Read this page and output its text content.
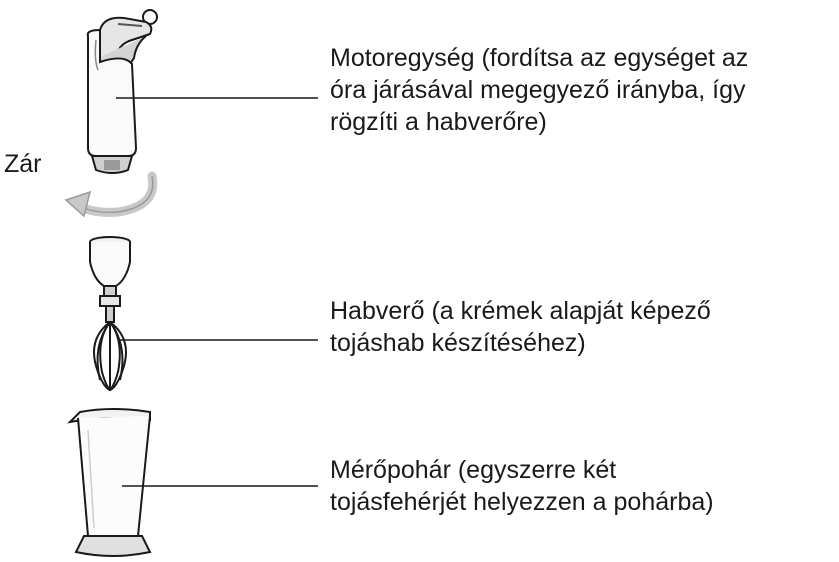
Zár
Motoregység (fordítsa az egységet az
óra járásával megegyező irányba, így
rögzíti a habverőre)
Habverő (a krémek alapját képező
tojáshab készítéséhez)
Mérőpohár (egyszerre két
tojásfehérjét helyezzen a pohárba)
